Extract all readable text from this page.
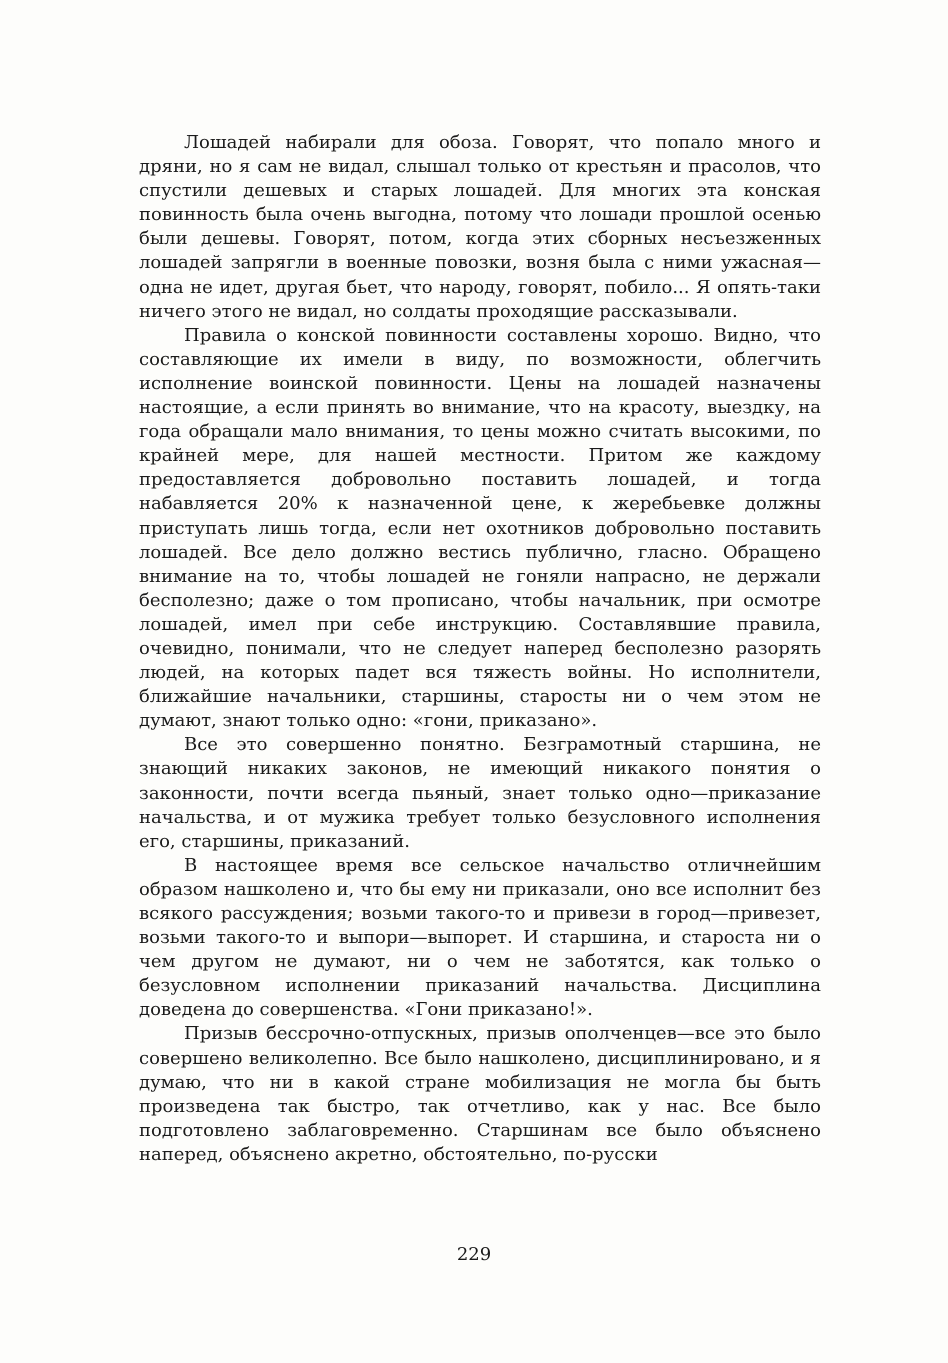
Лошадей набирали для обоза. Говорят, что попало много и дряни, но я сам не видал, слышал только от крестьян и прасолов, что спустили дешевых и старых лошадей. Для многих эта конская повинность была очень выгодна, потому что лошади прошлой осенью были дешевы. Говорят, потом, когда этих сборных несъезженных лошадей запрягли в военные повозки, возня была с ними ужасная—одна не идет, другая бьет, что народу, говорят, побило... Я опять-таки ничего этого не видал, но солдаты проходящие рассказывали.

Правила о конской повинности составлены хорошо. Видно, что составляющие их имели в виду, по возможности, облегчить исполнение воинской повинности. Цены на лошадей назначены настоящие, а если принять во внимание, что на красоту, выездку, на года обращали мало внимания, то цены можно считать высокими, по крайней мере, для нашей местности. Притом же каждому предоставляется добровольно поставить лошадей, и тогда набавляется 20% к назначенной цене, к жеребьевке должны приступать лишь тогда, если нет охотников добровольно поставить лошадей. Все дело должно вестись публично, гласно. Обращено внимание на то, чтобы лошадей не гоняли напрасно, не держали бесполезно; даже о том прописано, чтобы начальник, при осмотре лошадей, имел при себе инструкцию. Составлявшие правила, очевидно, понимали, что не следует наперед бесполезно разорять людей, на которых падет вся тяжесть войны. Но исполнители, ближайшие начальники, старшины, старосты ни о чем этом не думают, знают только одно: «гони, приказано».

Все это совершенно понятно. Безграмотный старшина, не знающий никаких законов, не имеющий никакого понятия о законности, почти всегда пьяный, знает только одно—приказание начальства, и от мужика требует только безусловного исполнения его, старшины, приказаний.

В настоящее время все сельское начальство отличнейшим образом нашколено и, что бы ему ни приказали, оно все исполнит без всякого рассуждения; возьми такого-то и привези в город—привезет, возьми такого-то и выпори—выпорет. И старшина, и староста ни о чем другом не думают, ни о чем не заботятся, как только о безусловном исполнении приказаний начальства. Дисциплина доведена до совершенства. «Гони приказано!».

Призыв бессрочно-отпускных, призыв ополченцев—все это было совершено великолепно. Все было нашколено, дисциплинировано, и я думаю, что ни в какой стране мобилизация не могла бы быть произведена так быстро, так отчетливо, как у нас. Все было подготовлено заблаговременно. Старшинам все было объяснено наперед, объяснено акретно, обстоятельно, по-русски

229
